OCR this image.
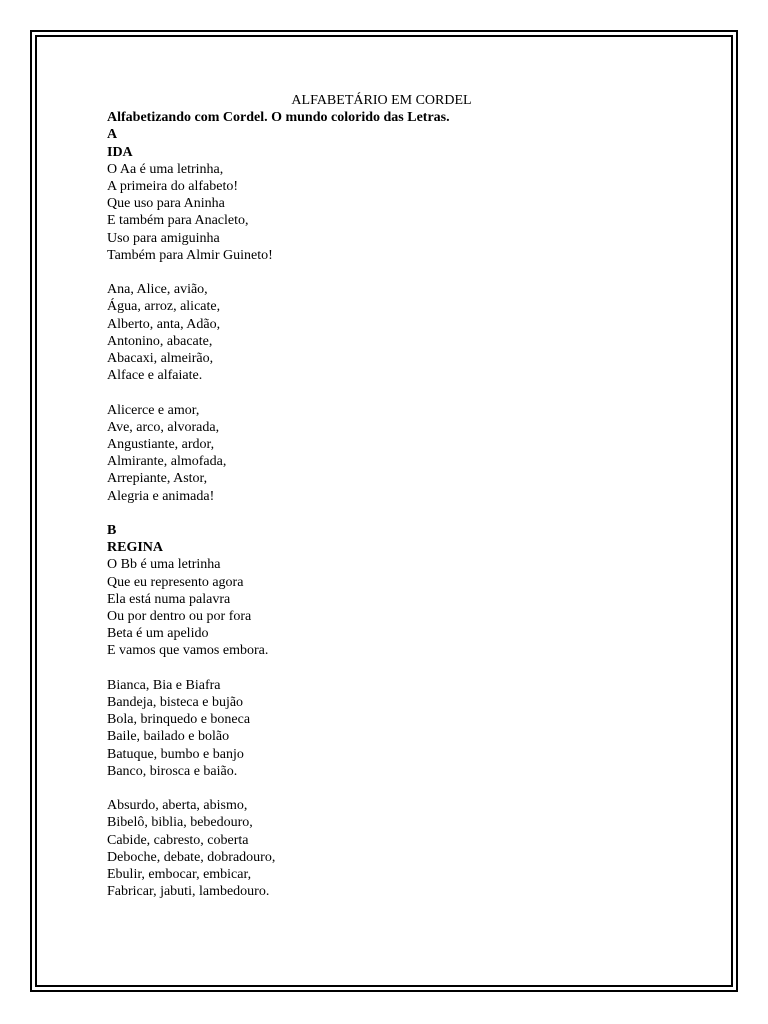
ALFABETÁRIO EM CORDEL

Alfabetizando com Cordel. O mundo colorido das Letras.

A

IDA

O Aa é uma letrinha,

A primeira do alfabeto!

Que uso para Aninha

E também para Anacleto,

Uso para amiguinha

Também para Almir Guineto!

Ana, Alice, avião,

Água, arroz, alicate,

Alberto, anta, Adão,

Antonino, abacate,

Abacaxi, almeirão,

Alface e alfaiate.

Alicerce e amor,

Ave, arco, alvorada,

Angustiante, ardor,

Almirante, almofada,

Arrepiante, Astor,

Alegria e animada!

B

REGINA

O Bb é uma letrinha

Que eu represento agora

Ela está numa palavra

Ou por dentro ou por fora

Beta é um apelido

E vamos que vamos embora.

Bianca, Bia e Biafra

Bandeja, bisteca e bujão

Bola, brinquedo e boneca

Baile, bailado e bolão

Batuque, bumbo e banjo

Banco, birosca e baião.

Absurdo, aberta, abismo,

Bibelô, biblia, bebedouro,

Cabide, cabresto, coberta

Deboche, debate, dobradouro,

Ebulir, embocar, embicar,

Fabricar, jabuti, lambedouro.
